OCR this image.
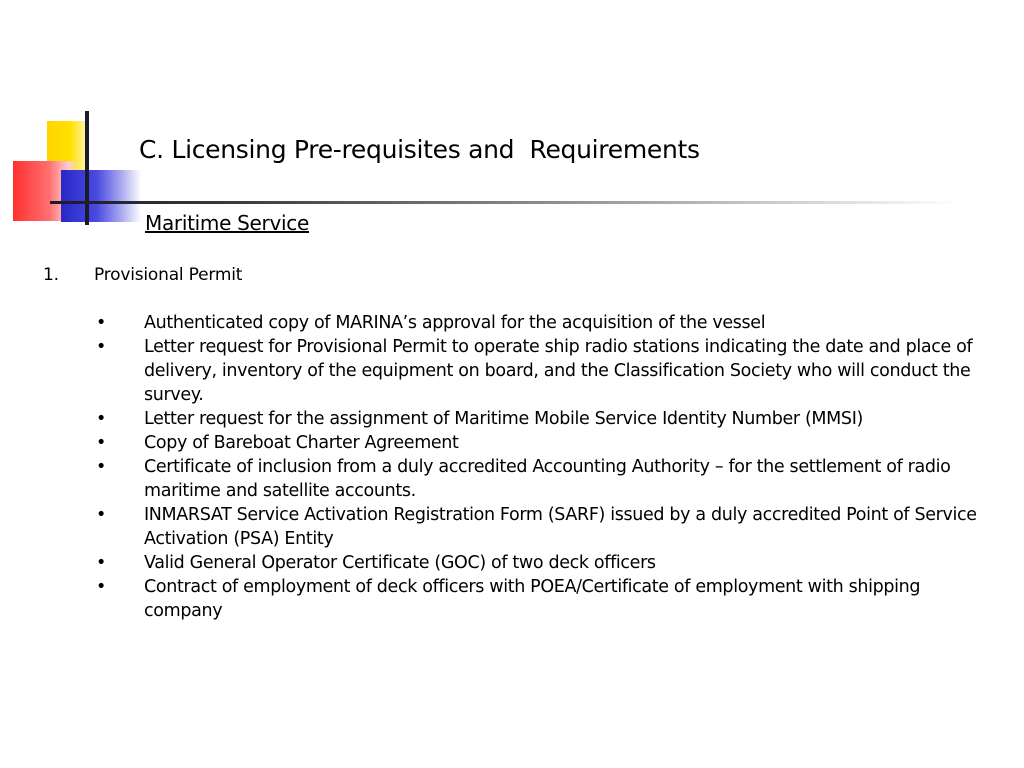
C. Licensing Pre-requisites and  Requirements
Maritime Service
1. Provisional Permit
• Authenticated copy of MARINA’s approval for the acquisition of the vessel
• Letter request for Provisional Permit to operate ship radio stations indicating the date and place of delivery, inventory of the equipment on board, and the Classification Society who will conduct the survey.
• Letter request for the assignment of Maritime Mobile Service Identity Number (MMSI)
• Copy of Bareboat Charter Agreement
• Certificate of inclusion from a duly accredited Accounting Authority – for the settlement of radio maritime and satellite accounts.
• INMARSAT Service Activation Registration Form (SARF) issued by a duly accredited Point of Service Activation (PSA) Entity
• Valid General Operator Certificate (GOC) of two deck officers
• Contract of employment of deck officers with POEA/Certificate of employment with shipping company
